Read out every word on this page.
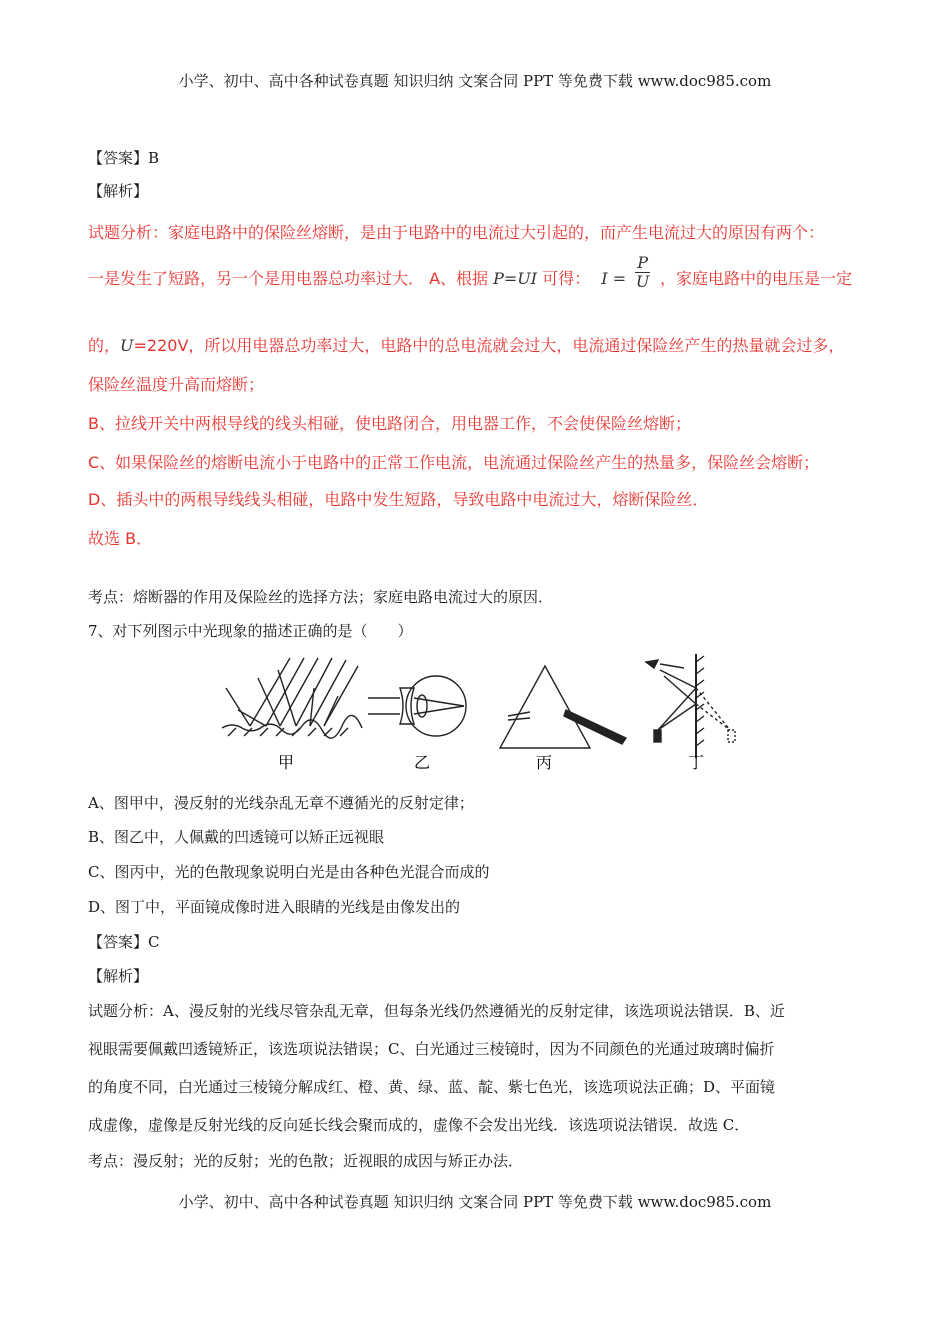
小学、初中、高中各种试卷真题 知识归纳 文案合同 PPT 等免费下载 www.doc985.com
【答案】B
【解析】
试题分析：家庭电路中的保险丝熔断，是由于电路中的电流过大引起的，而产生电流过大的原因有两个：
一是发生了短路，另一个是用电器总功率过大． A、根据 P=UI 可得： $I = \frac{P}{U}$ ，家庭电路中的电压是一定
的，U=220V，所以用电器总功率过大，电路中的总电流就会过大，电流通过保险丝产生的热量就会过多，
保险丝温度升高而熔断；
B、拉线开关中两根导线的线头相碰，使电路闭合，用电器工作，不会使保险丝熔断；
C、如果保险丝的熔断电流小于电路中的正常工作电流，电流通过保险丝产生的热量多，保险丝会熔断；
D、插头中的两根导线线头相碰，电路中发生短路，导致电路中电流过大，熔断保险丝．
故选 B．
考点：熔断器的作用及保险丝的选择方法；家庭电路电流过大的原因．
7、对下列图示中光现象的描述正确的是（　　）
甲	乙	丙	丁
A、图甲中，漫反射的光线杂乱无章不遵循光的反射定律；
B、图乙中，人佩戴的凹透镜可以矫正远视眼
C、图丙中，光的色散现象说明白光是由各种色光混合而成的
D、图丁中，平面镜成像时进入眼睛的光线是由像发出的
【答案】C
【解析】
试题分析：A、漫反射的光线尽管杂乱无章，但每条光线仍然遵循光的反射定律，该选项说法错误．B、近
视眼需要佩戴凹透镜矫正，该选项说法错误；C、白光通过三棱镜时，因为不同颜色的光通过玻璃时偏折
的角度不同，白光通过三棱镜分解成红、橙、黄、绿、蓝、靛、紫七色光，该选项说法正确；D、平面镜
成虚像，虚像是反射光线的反向延长线会聚而成的，虚像不会发出光线．该选项说法错误．故选 C．
考点：漫反射；光的反射；光的色散；近视眼的成因与矫正办法．
小学、初中、高中各种试卷真题 知识归纳 文案合同 PPT 等免费下载 www.doc985.com
